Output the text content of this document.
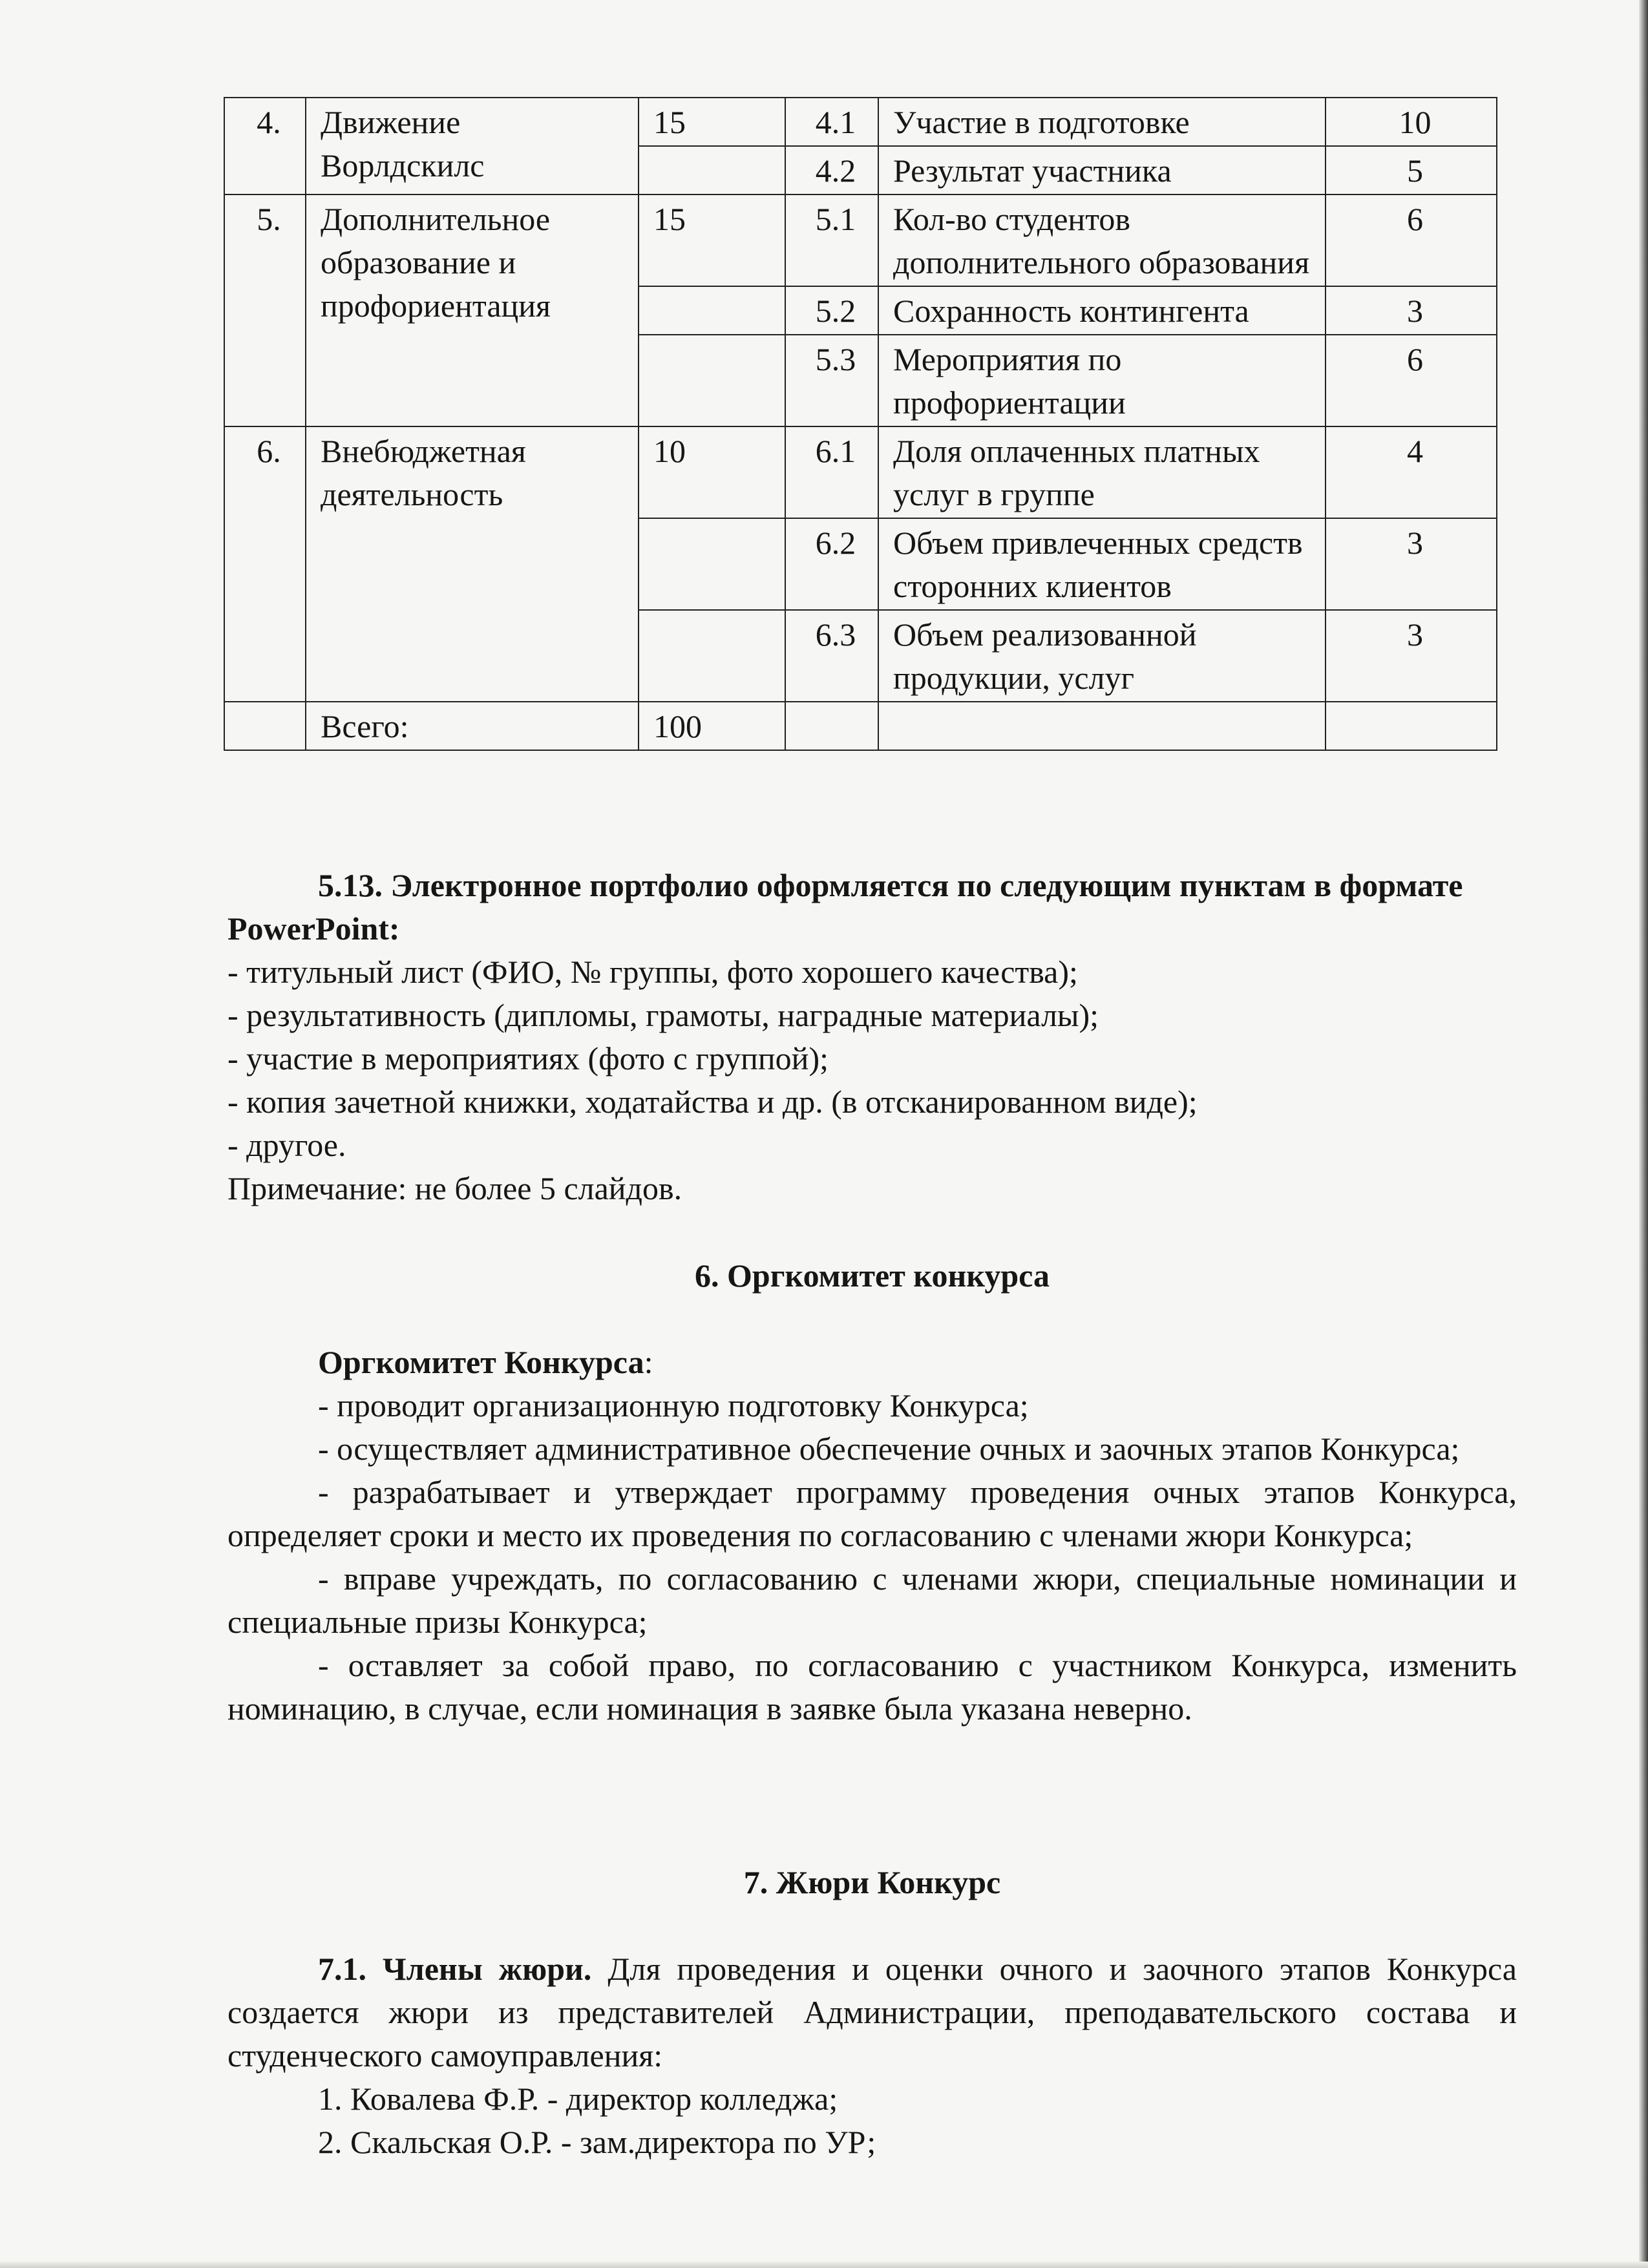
4.	Движение Ворлдскилс	15	4.1	Участие в подготовке	10
			4.2	Результат участника	5
5.	Дополнительное образование и профориентация	15	5.1	Кол-во студентов дополнительного образования	6
			5.2	Сохранность контингента	3
			5.3	Мероприятия по профориентации	6
6.	Внебюджетная деятельность	10	6.1	Доля оплаченных платных услуг в группе	4
			6.2	Объем привлеченных средств сторонних клиентов	3
			6.3	Объем реализованной продукции, услуг	3
	Всего:	100			

5.13. Электронное портфолио оформляется по следующим пунктам в формате PowerPoint:

- титульный лист (ФИО, № группы, фото хорошего качества);

- результативность (дипломы, грамоты, наградные материалы);

- участие в мероприятиях (фото с группой);

- копия зачетной книжки, ходатайства и др. (в отсканированном виде);

- другое.

Примечание: не более 5 слайдов.

6. Оргкомитет конкурса

Оргкомитет Конкурса:

- проводит организационную подготовку Конкурса;

- осуществляет административное обеспечение очных и заочных этапов Конкурса;

- разрабатывает и утверждает программу проведения очных этапов Конкурса, определяет сроки и место их проведения по согласованию с членами жюри Конкурса;

- вправе учреждать, по согласованию с членами жюри, специальные номинации и специальные призы Конкурса;

- оставляет за собой право, по согласованию с участником Конкурса, изменить номинацию, в случае, если номинация в заявке была указана неверно.

7. Жюри Конкурс

7.1. Члены жюри. Для проведения и оценки очного и заочного этапов Конкурса создается жюри из представителей Администрации, преподавательского состава и студенческого самоуправления:

1. Ковалева Ф.Р. - директор колледжа;

2. Скальская О.Р. - зам.директора по УР;
